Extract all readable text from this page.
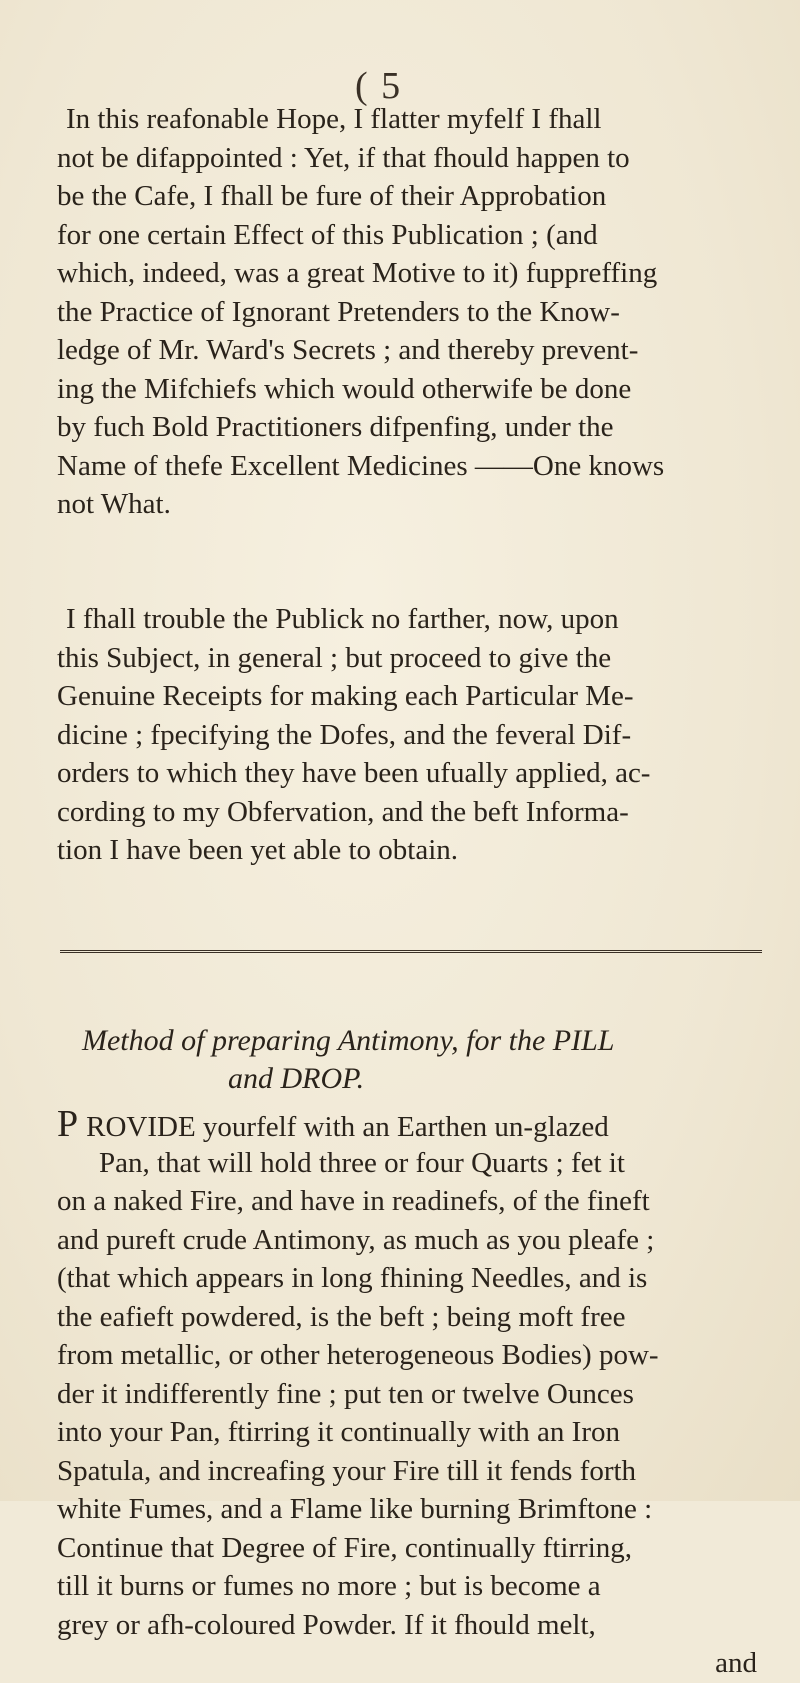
( 5
In this reafonable Hope, I flatter myfelf I fhall
not be difappointed : Yet, if that fhould happen to
be the Cafe, I fhall be fure of their Approbation
for one certain Effect of this Publication ; (and
which, indeed, was a great Motive to it) fuppreffing
the Practice of Ignorant Pretenders to the Know-
ledge of Mr. Ward's Secrets ; and thereby prevent-
ing the Mifchiefs which would otherwife be done
by fuch Bold Practitioners difpenfing, under the
Name of thefe Excellent Medicines ——One knows
not What.
I fhall trouble the Publick no farther, now, upon
this Subject, in general ; but proceed to give the
Genuine Receipts for making each Particular Me-
dicine ; fpecifying the Dofes, and the feveral Dif-
orders to which they have been ufually applied, ac-
cording to my Obfervation, and the beft Informa-
tion I have been yet able to obtain.
Method of preparing Antimony, for the PILL
and DROP.
P ROVIDE yourfelf with an Earthen un-glazed
Pan, that will hold three or four Quarts ; fet it
on a naked Fire, and have in readinefs, of the fineft
and pureft crude Antimony, as much as you pleafe ;
(that which appears in long fhining Needles, and is
the eafieft powdered, is the beft ; being moft free
from metallic, or other heterogeneous Bodies) pow-
der it indifferently fine ; put ten or twelve Ounces
into your Pan, ftirring it continually with an Iron
Spatula, and increafing your Fire till it fends forth
white Fumes, and a Flame like burning Brimftone :
Continue that Degree of Fire, continually ftirring,
till it burns or fumes no more ; but is become a
grey or afh-coloured Powder. If it fhould melt,
and
